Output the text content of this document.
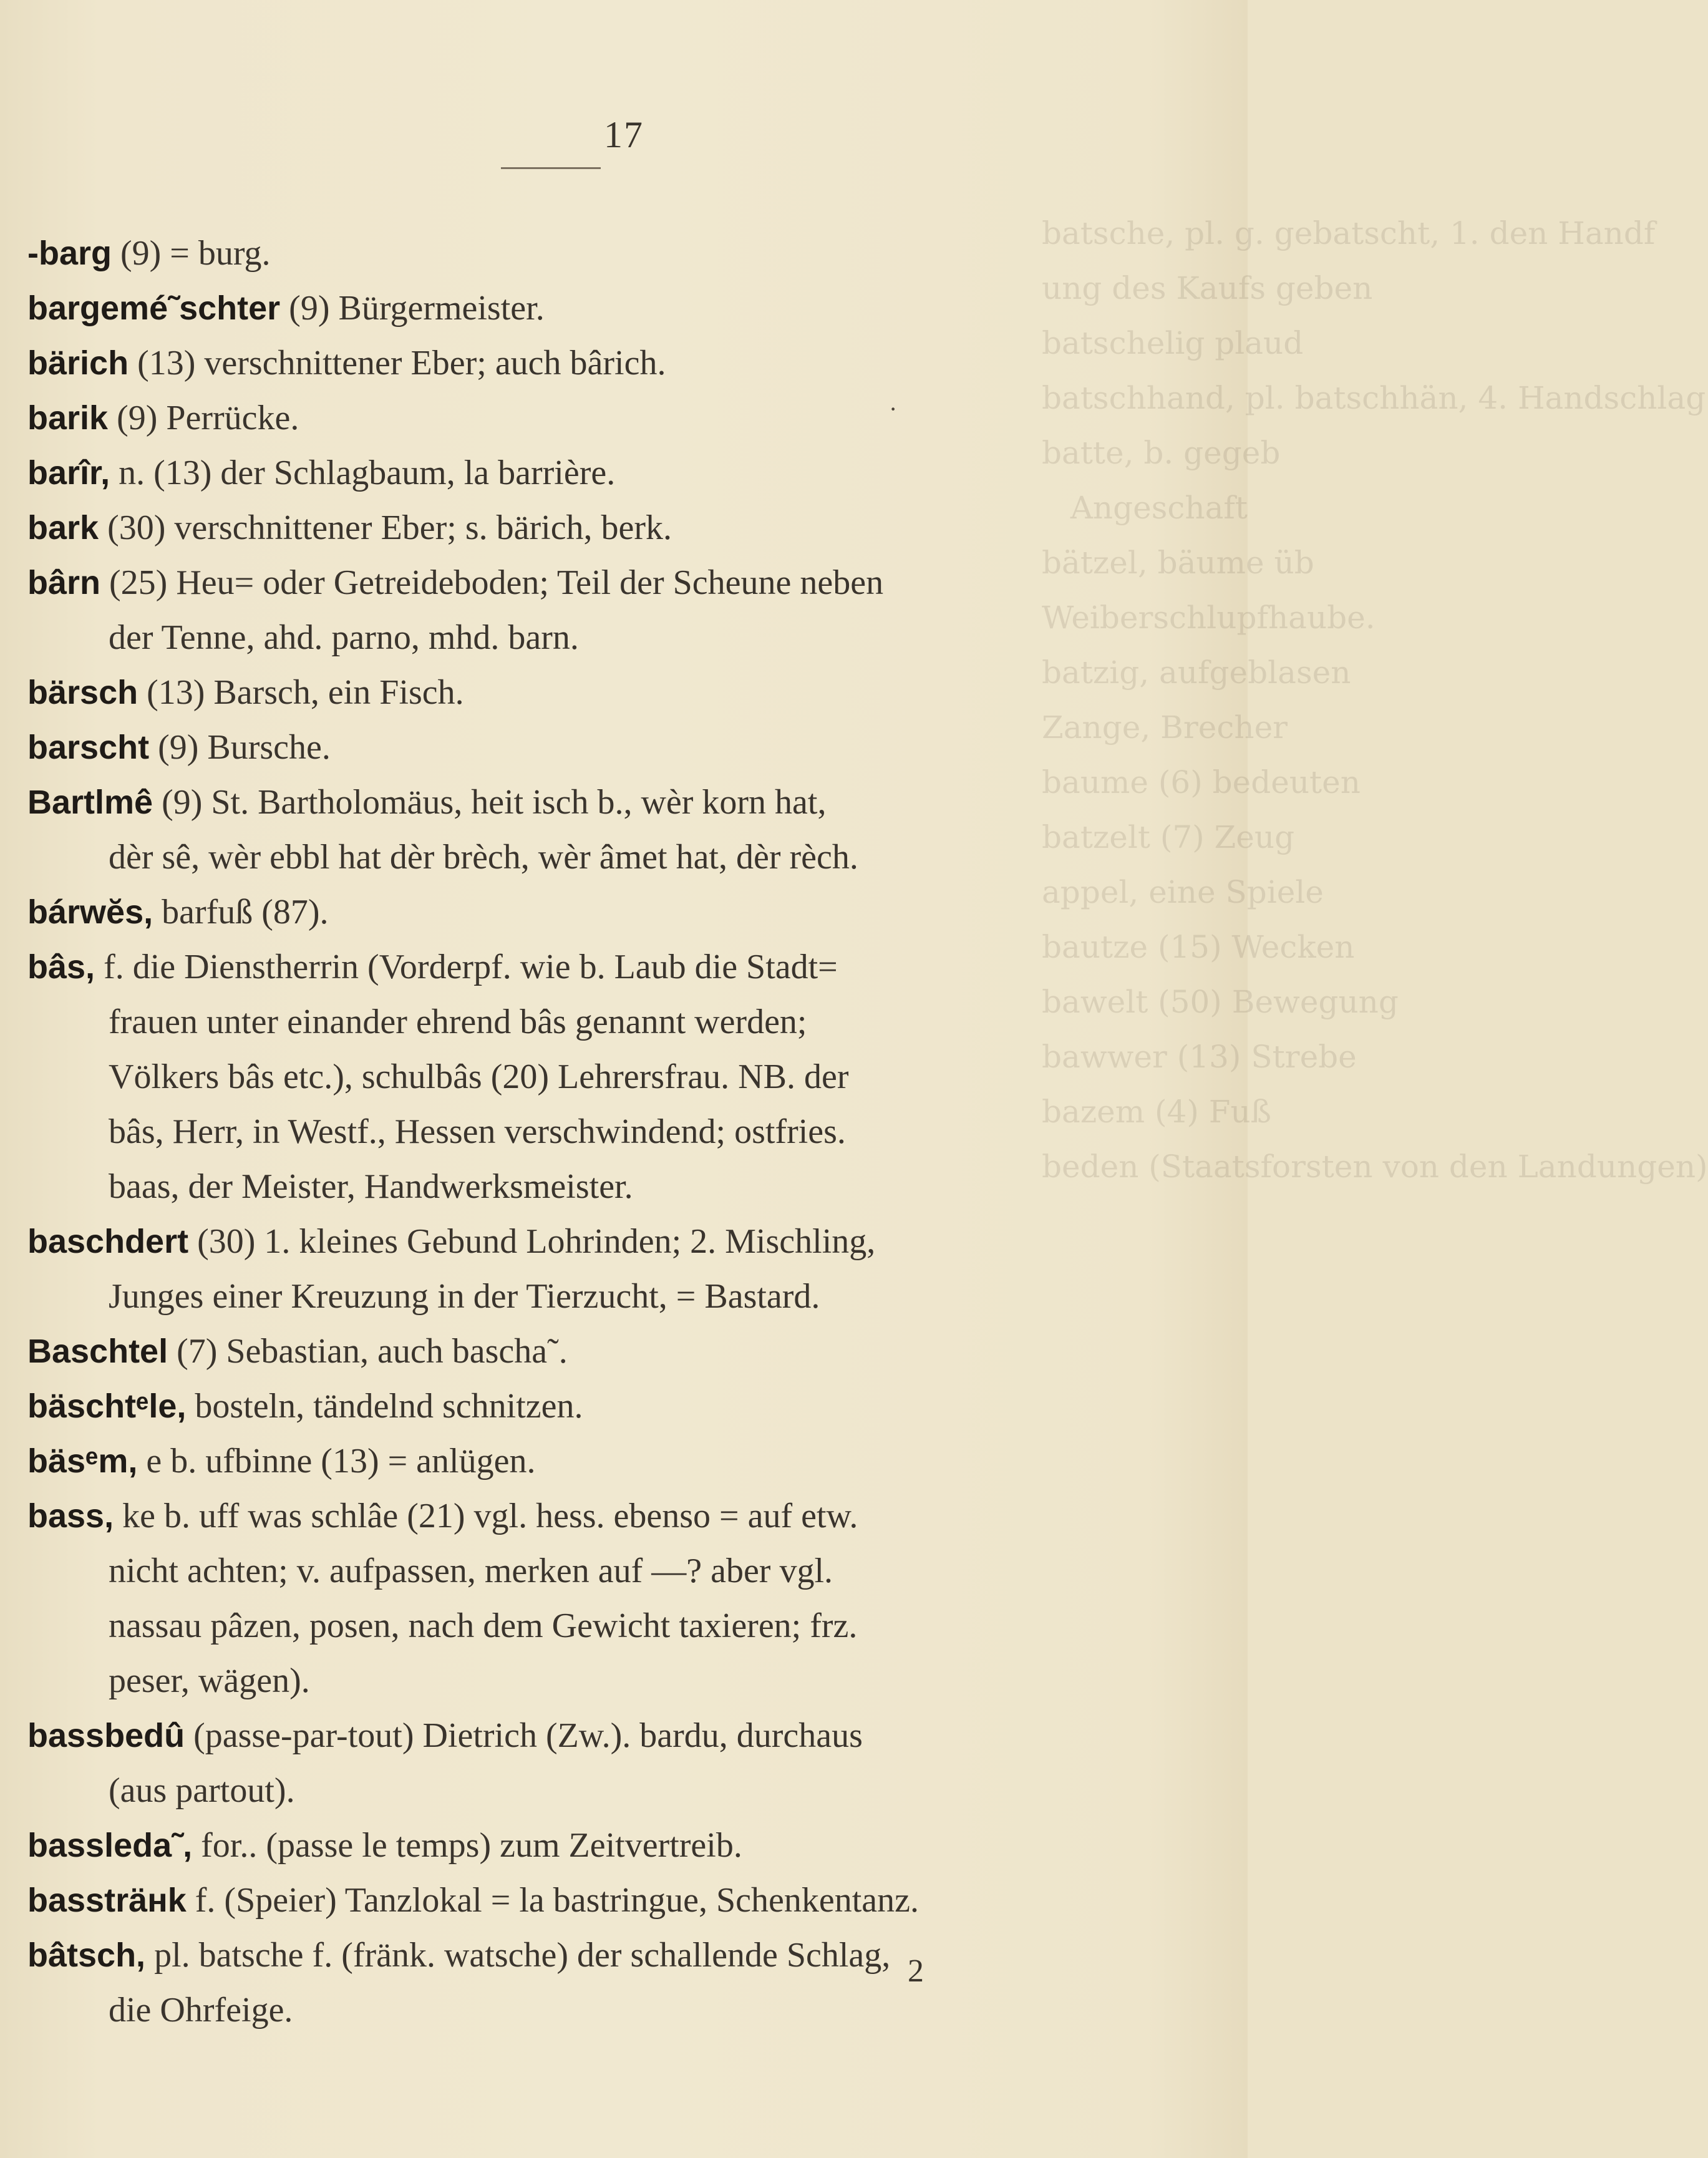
batsche, pl. g. gebatscht, 1. den Handf
ung des Kaufs geben
batschelig plaud
batschhand, pl. batschhän, 4. Handschlag
batte, b. gegeb
Angeschaft
bätzel, bäume üb
Weiberschlupfhaube.
batzig, aufgeblasen
Zange, Brecher
baume (6) bedeuten
batzelt (7) Zeug
appel, eine Spiele
bautze (15) Wecken
bawelt (50) Bewegung
bawwer (13) Strebe
bazem (4) Fuß
beden (Staatsforsten von den Landungen)
17
·

-barg (9) = burg.

bargemé˜schter (9) Bürgermeister.

bärich (13) verschnittener Eber; auch bârich.

barik (9) Perrücke.

barîr, n. (13) der Schlagbaum, la barrière.

bark (30) verschnittener Eber; s. bärich, berk.

bârn (25) Heu= oder Getreideboden; Teil der Scheune neben

der Tenne, ahd. parno, mhd. barn.

bärsch (13) Barsch, ein Fisch.

barscht (9) Bursche.

Bartlmê (9) St. Bartholomäus, heit isch b., wèr korn hat,

dèr sê, wèr ebbl hat dèr brèch, wèr âmet hat, dèr rèch.

bárwĕs, barfuß (87).

bâs, f. die Dienstherrin (Vorderpf. wie b. Laub die Stadt=

frauen unter einander ehrend bâs genannt werden;

Völkers bâs etc.), schulbâs (20) Lehrersfrau. NB. der

bâs, Herr, in Westf., Hessen verschwindend; ostfries.

baas, der Meister, Handwerksmeister.

baschdert (30) 1. kleines Gebund Lohrinden; 2. Mischling,

Junges einer Kreuzung in der Tierzucht, = Bastard.

Baschtel (7) Sebastian, auch bascha˜.

bäschtᵉle, bosteln, tändelnd schnitzen.

bäsᵉm, e b. ufbinne (13) = anlügen.

bass, ke b. uff was schlâe (21) vgl. hess. ebenso = auf etw.

nicht achten; v. aufpassen, merken auf —? aber vgl.

nassau pâzen, posen, nach dem Gewicht taxieren; frz.

peser, wägen).

bassbedû (passe-par-tout) Dietrich (Zw.). bardu, durchaus

(aus partout).

bassleda˜, for.. (passe le temps) zum Zeitvertreib.

bassträнk f. (Speier) Tanzlokal = la bastringue, Schenkentanz.

bâtsch, pl. batsche f. (fränk. watsche) der schallende Schlag,

die Ohrfeige.

2
